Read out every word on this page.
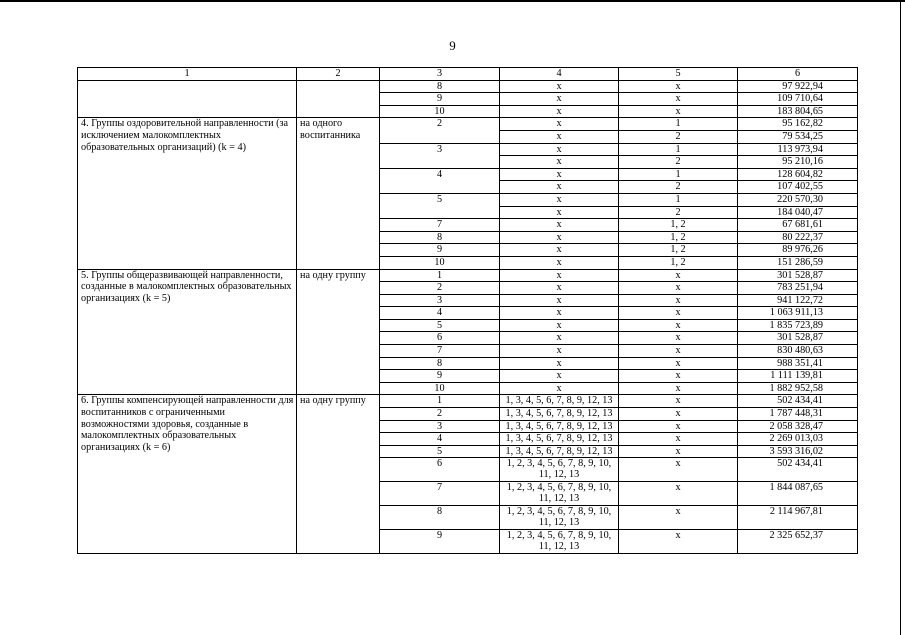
9
1	2	3	4	5	6
		8	x	x	97 922,94
		9	x	x	109 710,64
		10	x	x	183 804,65
4. Группы оздоровительной направленности (за исключением малокомплектных образовательных организаций) (k = 4)	на одного воспитанника	2	x	1	95 162,82
			x	2	79 534,25
		3	x	1	113 973,94
			x	2	95 210,16
		4	x	1	128 604,82
			x	2	107 402,55
		5	x	1	220 570,30
			x	2	184 040,47
		7	x	1, 2	67 681,61
		8	x	1, 2	80 222,37
		9	x	1, 2	89 976,26
		10	x	1, 2	151 286,59
5. Группы общеразвивающей направленности, созданные в малокомплектных образовательных организациях (k = 5)	на одну группу	1	x	x	301 528,87
		2	x	x	783 251,94
		3	x	x	941 122,72
		4	x	x	1 063 911,13
		5	x	x	1 835 723,89
		6	x	x	301 528,87
		7	x	x	830 480,63
		8	x	x	988 351,41
		9	x	x	1 111 139,81
		10	x	x	1 882 952,58
6. Группы компенсирующей направленности для воспитанников с ограниченными возможностями здоровья, созданные в малокомплектных образовательных организациях (k = 6)	на одну группу	1	1, 3, 4, 5, 6, 7, 8, 9, 12, 13	x	502 434,41
		2	1, 3, 4, 5, 6, 7, 8, 9, 12, 13	x	1 787 448,31
		3	1, 3, 4, 5, 6, 7, 8, 9, 12, 13	x	2 058 328,47
		4	1, 3, 4, 5, 6, 7, 8, 9, 12, 13	x	2 269 013,03
		5	1, 3, 4, 5, 6, 7, 8, 9, 12, 13	x	3 593 316,02
		6	1, 2, 3, 4, 5, 6, 7, 8, 9, 10, 11, 12, 13	x	502 434,41
		7	1, 2, 3, 4, 5, 6, 7, 8, 9, 10, 11, 12, 13	x	1 844 087,65
		8	1, 2, 3, 4, 5, 6, 7, 8, 9, 10, 11, 12, 13	x	2 114 967,81
		9	1, 2, 3, 4, 5, 6, 7, 8, 9, 10, 11, 12, 13	x	2 325 652,37
